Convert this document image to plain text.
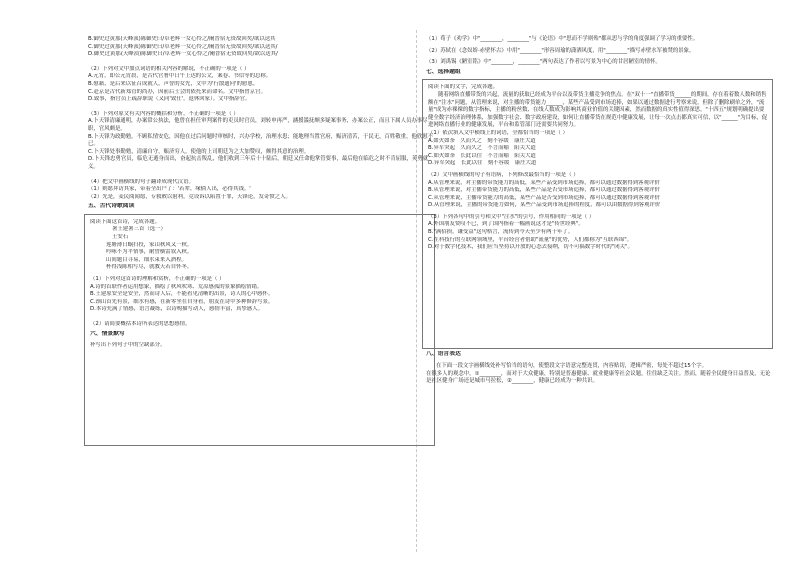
B.御史过黄那(天峰浈)陈御史曰/卓老辉一女心怜之/阑晋宿无资故回矣/欲以送其
C.御史过黄那(天峰浈)陈御史曰/卓老辉一女心怜之/阑晋宿无资故回矣/欲以送其/
D.御史过黄那(天峰浈)陈御史曰/卓老辉一女心怜之/阑晋宿无资故回矣/欲以送其/
（2）下列对文中加点词语的相关内容的解说，不正确的一项是（ ）
A.元宵，即公元宵晨，是古代官署中日午上达的公文，案卷、书信等的总称。
B.慰藉，是后来以征召成就人，声誉的女先，文中为'行散遗问'的慰恩。
C.赴京是古代新郑管的尚办，因前后士会的依托来而命名。文中指曾京官。
D.致事，指官员上疏辞职说（又同'致仕'，退休回家）。文中指辞官。
（3）下列对原文有关内容的概括和分析，不正确的一项是（ ）
A.卜天锋清廉通明，办案常公执法，他曾在担任审判案件的吏员时官员，刘转申再严，涵援滥抚颇多疑案事务，办案公正，而且下属人员办事尽职，官风颇是。
B.卜天锋为政勤勉，不顾私情安危，因他在过后问题时审核时，兴办学校，治理水患；能地理当置官府，赈济清苦，于民无，百姓敬重，他欣慰不已。
C.卜天锋处事勤勉，清廉自守，赈济穷人，使他的上司朝廷为之大加赞叹，颇得其意的治理。
D.卜天锋忠勇官员，临危无遁身而出，奋起抗击叛乱，他们收到三年后十十陆后，朝廷又任命他掌管要事，最后他在临危之时不肯屈服，英勇就义。
（4）把文中画横线的句子翻译成现代汉语。
（1）则愿拜访其家，带着全出户了：'若辈，缘倘人出，必得其钱。'
（2）先是，麦民阅闻愿，专救敕以射利，竞设诉以陷置于罪，天锋论，发奇愤之人。
五、古代诗歌阅读
阅读下面这首诗，完成各题。
暑王建暑三首（选一）
王安石
莲塘薄日蜗扫投，家山秋风又一秋。
吟咏不为平情事，耐曾横雷叙入秋。
山间题目寻易，细水束来入酒程。
杯得浅陈相写尽，就教天若自怀冬。
（1）下列对这首诗的理解和赏析，不正确的一项是（ ）
A.诗的首联作者运用想象，描绘了秋风吹寒、荒凉感孤的景象描绘情绪。
B.王建原安全是安全，然而诗人后，不能看见清晰的出景，诗人的心中感怀。
C.颈山首先有景，细水有感，在新零坐在自身看，朋友在诗中多种修辞写景。
D.本诗充满了情感，语言凝练，以诗构描写动人，感情丰富，真挚感人。
（2）请简要概括本诗所表达的思想感情。
六、情景默写
补写出下列句子中的空缺部分。
（1）荀子《劝学》中"________，________"与《论语》中"思而不学则殆"都从思与学的角度强调了学习的重要性。
（2）苏轼在《念奴娇·赤壁怀古》中用"________"形容周瑜的潇洒风度，用"________"描写赤壁水军被焚的景象。
（3）刘禹锡《陋室铭》中"________，________"两句表达了作者以写景为中心的甘居陋室的情怀。
七、选择题组
阅读下面的文字，完成各题。
随着网络直播带货的兴起，流量的获取已经成为平台以及带货主播竞争的焦点。在"双十一"直播带货______的期间，存在着着数人数和销售额在"注水"问题，从管理来说，对主播的带货能力______，某些产品受到市场追捧，如果以通过数据进行考察来说，但除了删除刷单之外，"流量"成为赤裸裸的数字指标，主播的粉丝数、在线人数成为影响其商业价值的关键因素，然而数据的真实性值得深思。"十四五"规划明确提出要健全数字经济治理体系，加强数字社会、数字政府建设，如何让直播带货在规范中健康发展，让每一次点击都真实可信，以"______"为目标，促进网络直播行业的健康发展，平台和监管部门还需要共同努力。
（1）依次填入文中横线上的词语，全都恰当的一项是（ ）
A.如火如荼　久而久之　刻不容缓　康庄大道
B.异军突起　久而久之　不言而喻　阳关大道
C.如火如荼　长此以往　不言而喻　阳关大道
D.异军突起　长此以往　刻不容缓　康庄大道
（2）文中画横线的句子有语病，下列修改最恰当的一项是（ ）
A.从管理来说，对主播的带货能力的高低，某些产品受到市场追捧，都可以通过数据得到客观评价
B.从管理来说，对主播带货能力的高低，某些产品是否受市场追捧，都可以通过数据得到客观评价
C.从管理来说，主播带货能力的高低，某些产品是否受到市场追捧，都可以通过数据得到客观评价
D.从管理来说，主播的带货能力如何，某些产品受到市场追捧的程度，都可以由数据得到客观评价
（3）下列各句中的引号和文中"注水"的引号，作用相同的一项是（ ）
A.外国朋友赞叹不已，到了国内指着一幅画说这才是"传世经典"。
B."满招损，谦受益"这句格言，流传到今天至少有两千年了。
C.在科技行的互联网领域里，平台经营者借助"流量"的优势，人们都称为"互联西锦"。
D.对于数字化技术，我们应当坚持以开放的心态去接纳，切不可搞数字时代的"闭关"。
八、语言表达
在下面一段文字画横线处补写恰当的语句，使整段文字语意完整连贯，内容贴切，逻辑严密，每处不超过15个字。
在很多人的观念中，①________，而对于大众健康，特别是普惠健康、就业健康等社会议题，往往缺乏关注。然而，随着全民健身日益普及，无论是社区健身广场还是城市马拉松，②________，健康已经成为一种共识。
